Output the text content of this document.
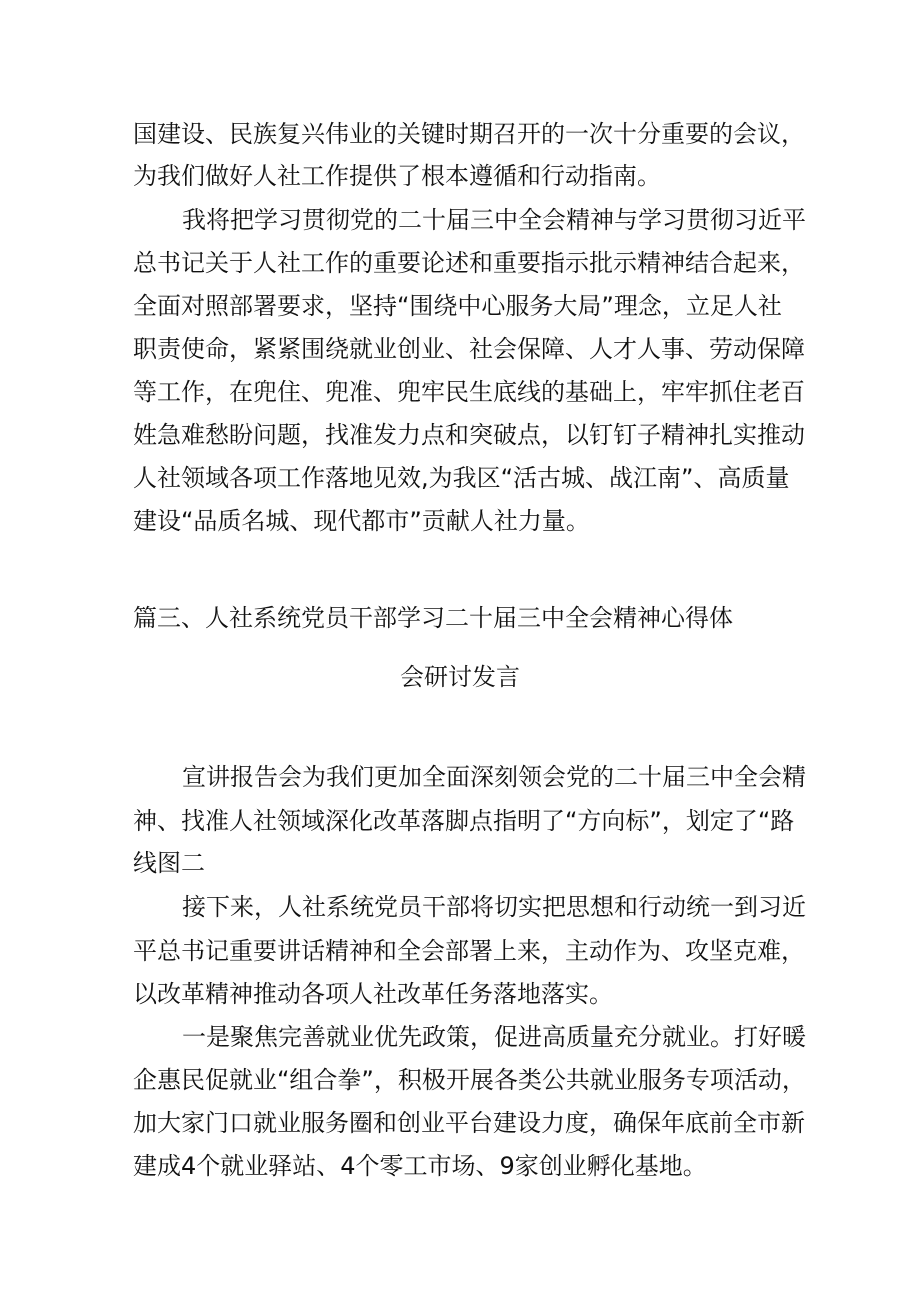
国建设、民族复兴伟业的关键时期召开的一次十分重要的会议，
为我们做好人社工作提供了根本遵循和行动指南。
我将把学习贯彻党的二十届三中全会精神与学习贯彻习近平
总书记关于人社工作的重要论述和重要指示批示精神结合起来，
全面对照部署要求，坚持“围绕中心服务大局”理念，立足人社
职责使命，紧紧围绕就业创业、社会保障、人才人事、劳动保障
等工作，在兜住、兜准、兜牢民生底线的基础上，牢牢抓住老百
姓急难愁盼问题，找准发力点和突破点，以钉钉子精神扎实推动
人社领域各项工作落地见效,为我区“活古城、战江南”、高质量
建设“品质名城、现代都市”贡献人社力量。
篇三、人社系统党员干部学习二十届三中全会精神心得体
会研讨发言
宣讲报告会为我们更加全面深刻领会党的二十届三中全会精
神、找准人社领域深化改革落脚点指明了“方向标”，划定了“路
线图二
接下来，人社系统党员干部将切实把思想和行动统一到习近
平总书记重要讲话精神和全会部署上来，主动作为、攻坚克难，
以改革精神推动各项人社改革任务落地落实。
一是聚焦完善就业优先政策，促进高质量充分就业。打好暖
企惠民促就业“组合拳”，积极开展各类公共就业服务专项活动，
加大家门口就业服务圈和创业平台建设力度，确保年底前全市新
建成4个就业驿站、4个零工市场、9家创业孵化基地。
